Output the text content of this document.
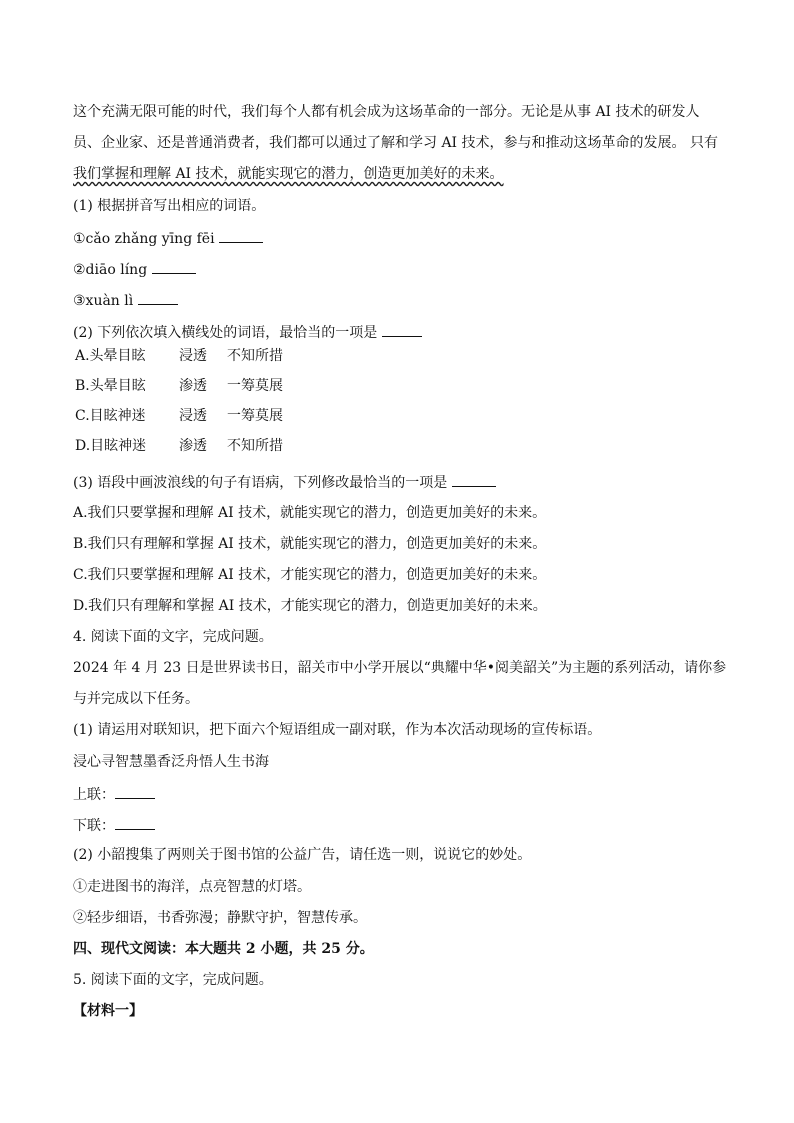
这个充满无限可能的时代，我们每个人都有机会成为这场革命的一部分。无论是从事 AI 技术的研发人
员、企业家、还是普通消费者，我们都可以通过了解和学习 AI 技术，参与和推动这场革命的发展。 只有
我们掌握和理解 AI 技术，就能实现它的潜力，创造更加美好的未来。
(1) 根据拼音写出相应的词语。
①cǎo zhǎng yīng fēi
②diāo líng
③xuàn lì
(2) 下列依次填入横线处的词语，最恰当的一项是
A.头晕目眩 浸透 不知所措
B.头晕目眩 渗透 一筹莫展
C.目眩神迷 浸透 一筹莫展
D.目眩神迷 渗透 不知所措
(3) 语段中画波浪线的句子有语病，下列修改最恰当的一项是
A.我们只要掌握和理解 AI 技术，就能实现它的潜力，创造更加美好的未来。
B.我们只有理解和掌握 AI 技术，就能实现它的潜力，创造更加美好的未来。
C.我们只要掌握和理解 AI 技术，才能实现它的潜力，创造更加美好的未来。
D.我们只有理解和掌握 AI 技术，才能实现它的潜力，创造更加美好的未来。
4. 阅读下面的文字，完成问题。
2024 年 4 月 23 日是世界读书日，韶关市中小学开展以“典耀中华•阅美韶关”为主题的系列活动，请你参
与并完成以下任务。
(1) 请运用对联知识，把下面六个短语组成一副对联，作为本次活动现场的宣传标语。
浸心寻智慧墨香泛舟悟人生书海
上联：
下联：
(2) 小韶搜集了两则关于图书馆的公益广告，请任选一则，说说它的妙处。
①走进图书的海洋，点亮智慧的灯塔。
②轻步细语，书香弥漫；静默守护，智慧传承。
四、现代文阅读：本大题共 2 小题，共 25 分。
5. 阅读下面的文字，完成问题。
【材料一】
